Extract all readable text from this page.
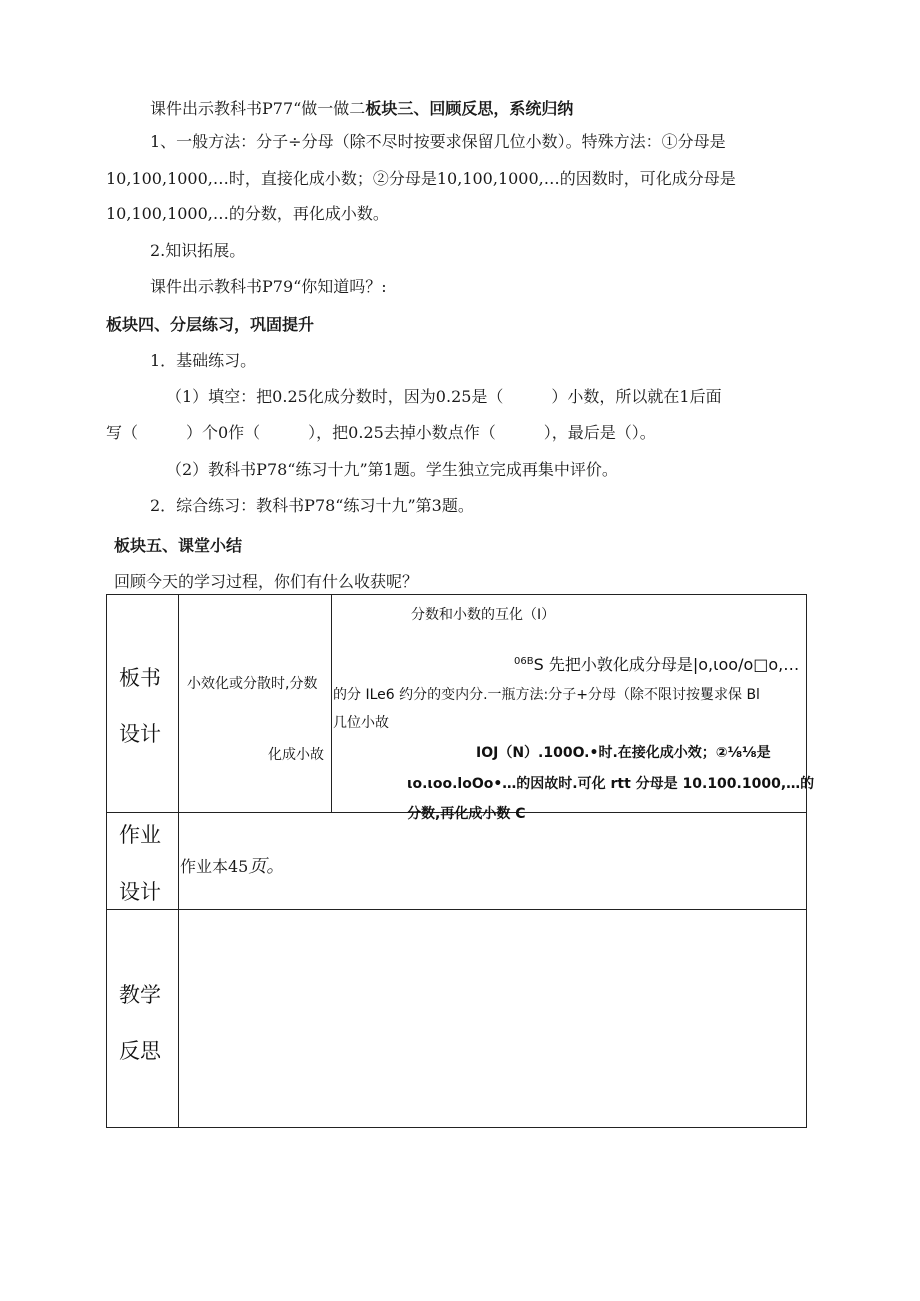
课件出示教科书P77“做一做二板块三、回顾反思，系统归纳
1、一般方法：分子÷分母（除不尽时按要求保留几位小数）。特殊方法：①分母是
10,100,1000,…时，直接化成小数；②分母是10,100,1000,…的因数时，可化成分母是
10,100,1000,…的分数，再化成小数。
2.知识拓展。
课件出示教科书P79“你知道吗？:
板块四、分层练习，巩固提升
1．基础练习。
（1）填空：把0.25化成分数时，因为0.25是（　　　）小数，所以就在1后面
写（　　　）个0作（　　　），把0.25去掉小数点作（　　　），最后是（）。
（2）教科书P78“练习十九”第1题。学生独立完成再集中评价。
2．综合练习：教科书P78“练习十九”第3题。
板块五、课堂小结
回顾今天的学习过程，你们有什么收获呢？
板书
设计
分数和小数的互化（I）
小效化或分散时,分数
化成小故
$^{06B}$S 先把小敦化成分母是|o,ιoo/o□o,…
的分 ILe6 约分的变内分.一瓶方法:分子+分母（除不限讨按矍求保 Bl
几位小故
IOJ（N）.100O.•时.在接化成小效；②⅛⅛是
ιo.ιoo.loOo•…的因故时.可化 rtt 分母是 10.100.1000,…的
分数,再化成小数 C
作业
设计
作业本45页。
教学
反思
